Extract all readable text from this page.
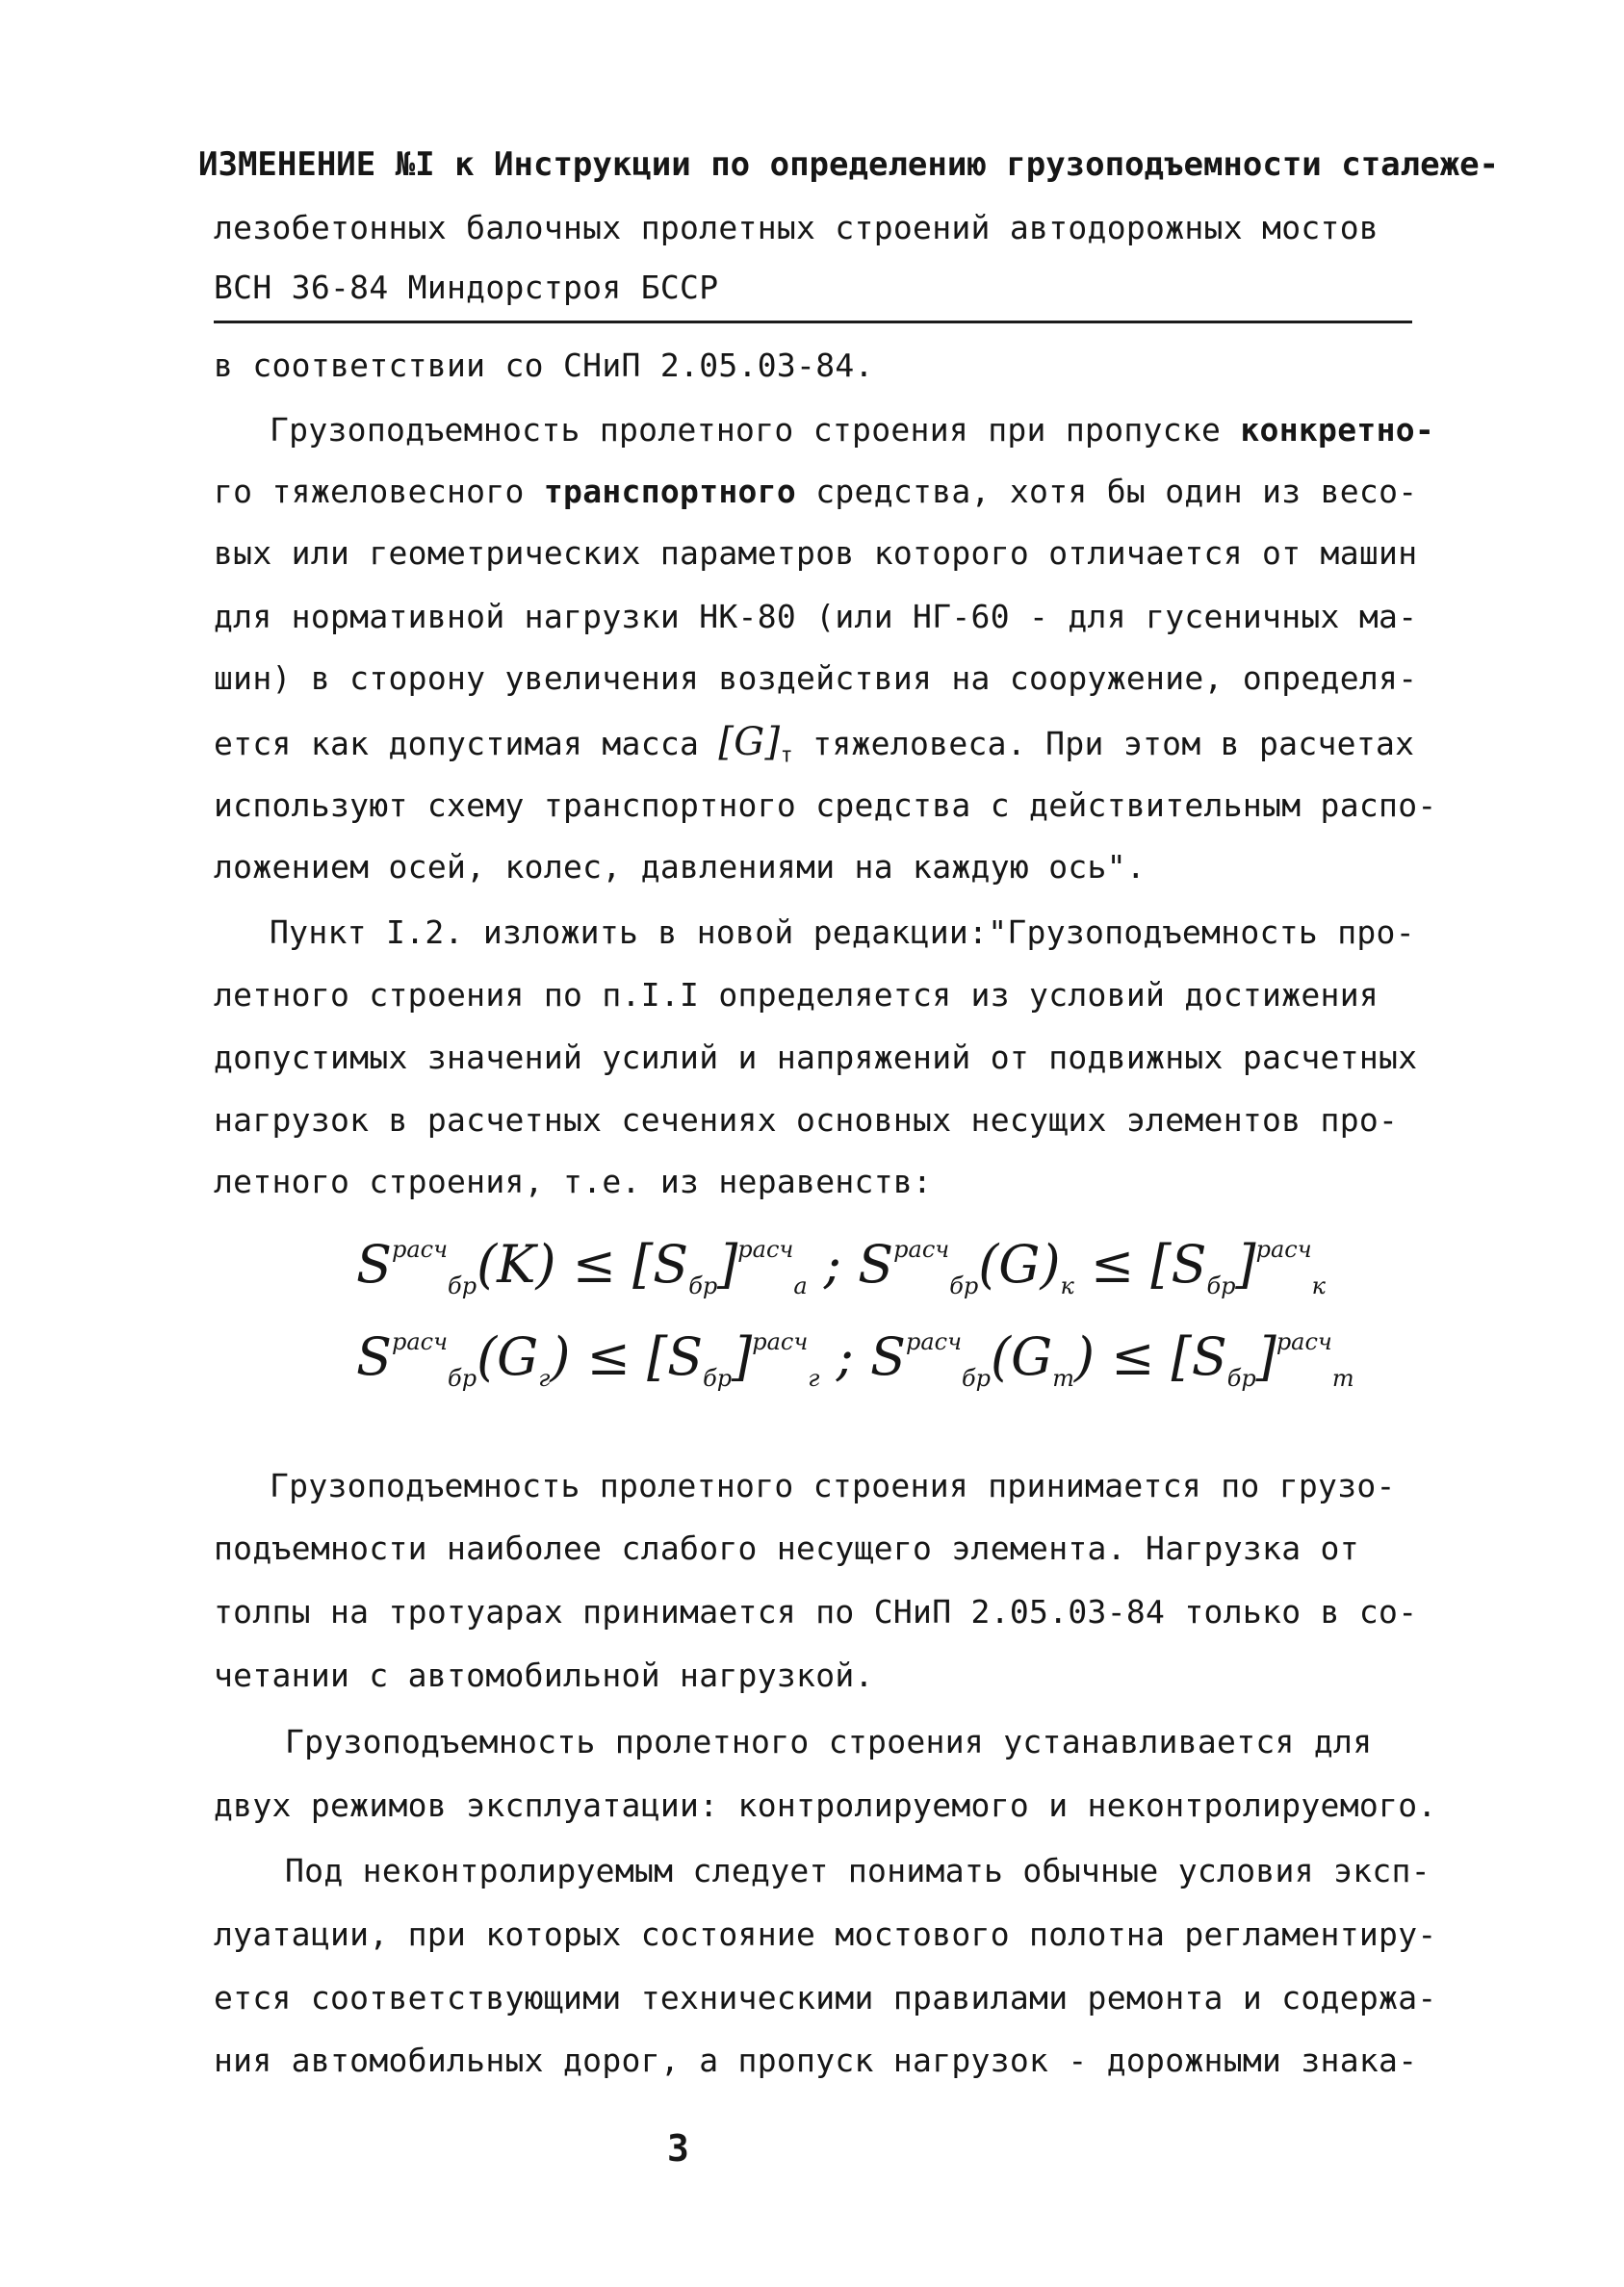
ИЗМЕНЕНИЕ №I к Инструкции по определению грузоподъемности сталеже-
лезобетонных балочных пролетных строений автодорожных мостов
ВСН 36-84 Миндорстроя БССР
в соответствии со СНиП 2.05.03-84.
Грузоподъемность пролетного строения при пропуске конкретно-
го тяжеловесного транспортного средства, хотя бы один из весо-
вых или геометрических параметров которого отличается от машин
для нормативной нагрузки НК-80 (или НГ-60 - для гусеничных ма-
шин) в сторону увеличения воздействия на сооружение, определя-
ется как допустимая масса $[G]_т$ тяжеловеса. При этом в расчетах
используют схему транспортного средства с действительным распо-
ложением осей, колес, давлениями на каждую ось".
Пункт I.2. изложить в новой редакции:"Грузоподъемность про-
летного строения по п.I.I определяется из условий достижения
допустимых значений усилий и напряжений от подвижных расчетных
нагрузок в расчетных сечениях основных несущих элементов про-
летного строения, т.е. из неравенств:
$S^{расч}_{бр}(K) \le [S_{бр}]^{расч}_a$ ; $S^{расч}_{бр}(G)_к \le [S_{бр}]^{расч}_к$
$S^{расч}_{бр}(G_г) \le [S_{бр}]^{расч}_г$ ; $S^{расч}_{бр}(G_т) \le [S_{бр}]^{расч}_т$
Грузоподъемность пролетного строения принимается по грузо-
подъемности наиболее слабого несущего элемента. Нагрузка от
толпы на тротуарах принимается по СНиП 2.05.03-84 только в со-
четании с автомобильной нагрузкой.
Грузоподъемность пролетного строения устанавливается для
двух режимов эксплуатации: контролируемого и неконтролируемого.
Под неконтролируемым следует понимать обычные условия эксп-
луатации, при которых состояние мостового полотна регламентиру-
ется соответствующими техническими правилами ремонта и содержа-
ния автомобильных дорог, а пропуск нагрузок - дорожными знака-
3
